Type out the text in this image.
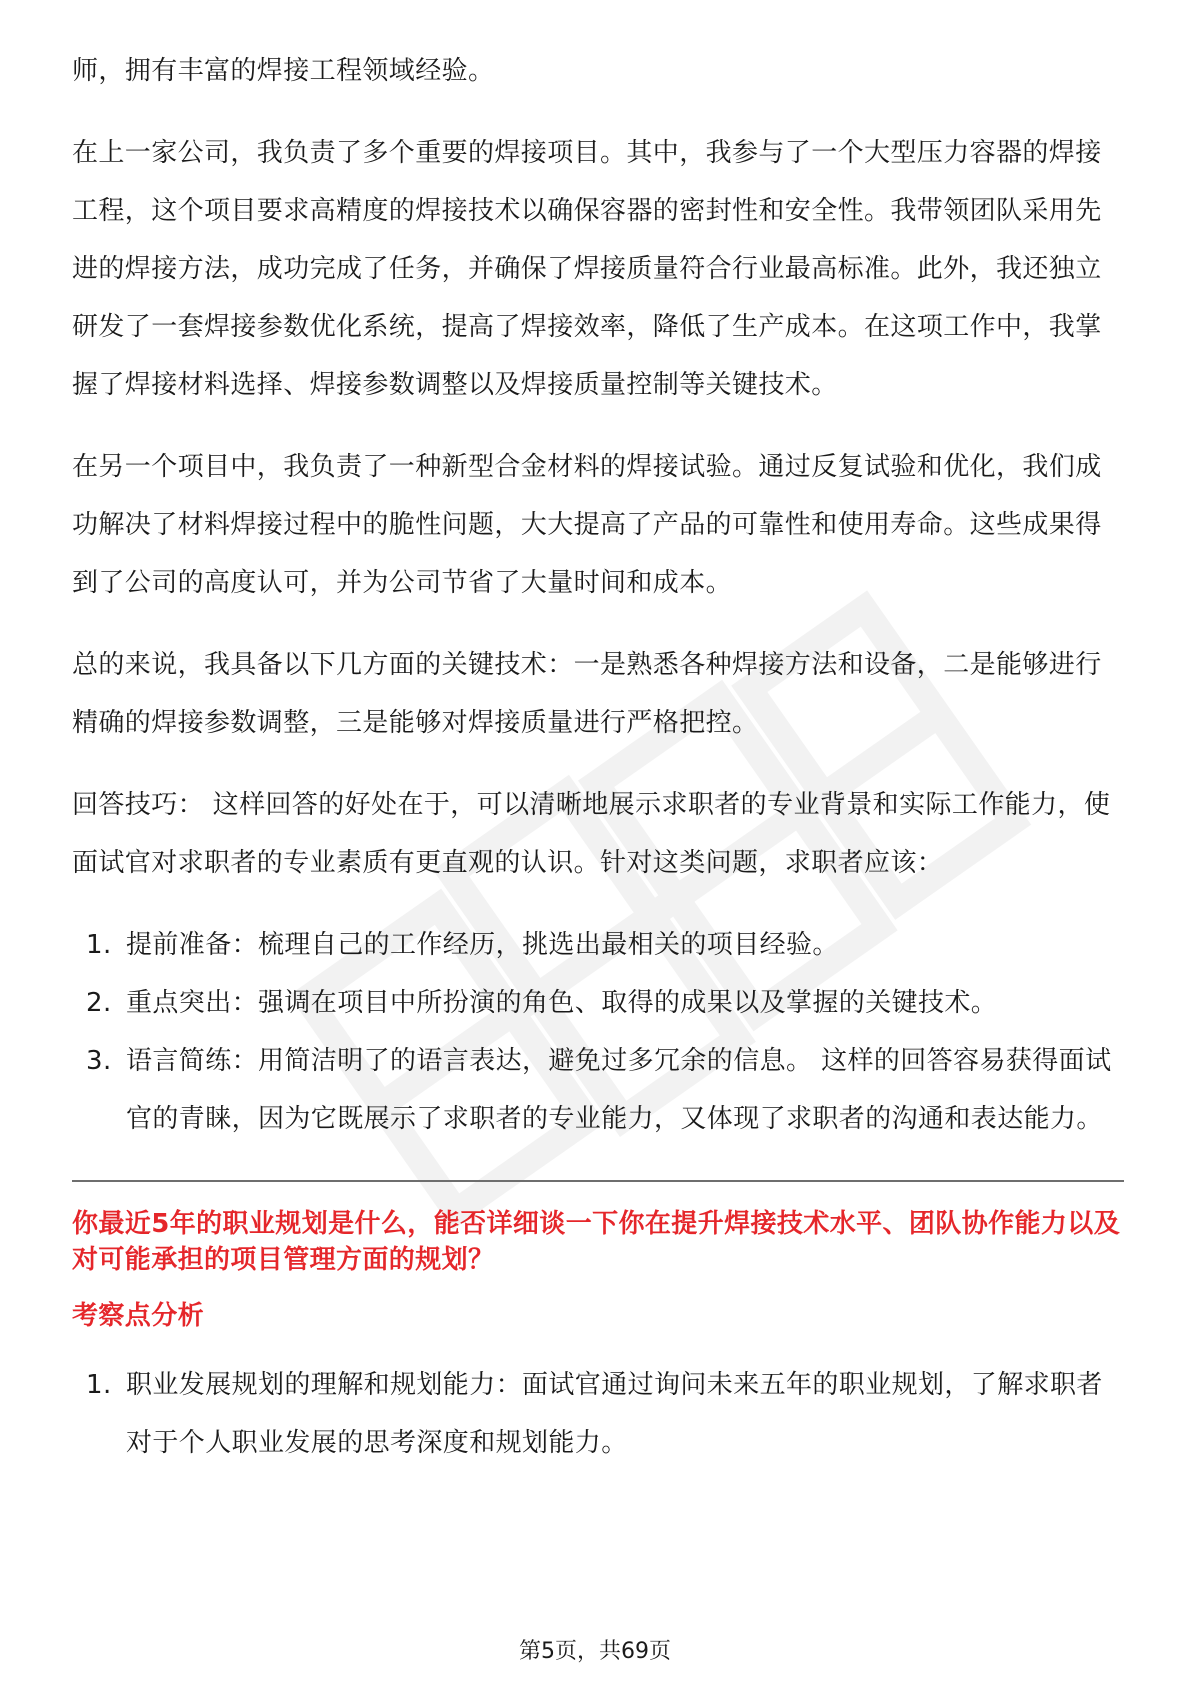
师，拥有丰富的焊接工程领域经验。

在上一家公司，我负责了多个重要的焊接项目。其中，我参与了一个大型压力容器的焊接工程，这个项目要求高精度的焊接技术以确保容器的密封性和安全性。我带领团队采用先进的焊接方法，成功完成了任务，并确保了焊接质量符合行业最高标准。此外，我还独立研发了一套焊接参数优化系统，提高了焊接效率，降低了生产成本。在这项工作中，我掌握了焊接材料选择、焊接参数调整以及焊接质量控制等关键技术。

在另一个项目中，我负责了一种新型合金材料的焊接试验。通过反复试验和优化，我们成功解决了材料焊接过程中的脆性问题，大大提高了产品的可靠性和使用寿命。这些成果得到了公司的高度认可，并为公司节省了大量时间和成本。

总的来说，我具备以下几方面的关键技术：一是熟悉各种焊接方法和设备，二是能够进行精确的焊接参数调整，三是能够对焊接质量进行严格把控。

回答技巧： 这样回答的好处在于，可以清晰地展示求职者的专业背景和实际工作能力，使面试官对求职者的专业素质有更直观的认识。针对这类问题，求职者应该：

1. 提前准备：梳理自己的工作经历，挑选出最相关的项目经验。
2. 重点突出：强调在项目中所扮演的角色、取得的成果以及掌握的关键技术。
3. 语言简练：用简洁明了的语言表达，避免过多冗余的信息。 这样的回答容易获得面试官的青睐，因为它既展示了求职者的专业能力，又体现了求职者的沟通和表达能力。

你最近5年的职业规划是什么，能否详细谈一下你在提升焊接技术水平、团队协作能力以及对可能承担的项目管理方面的规划？

考察点分析

1. 职业发展规划的理解和规划能力：面试官通过询问未来五年的职业规划，了解求职者对于个人职业发展的思考深度和规划能力。
第5页，共69页
